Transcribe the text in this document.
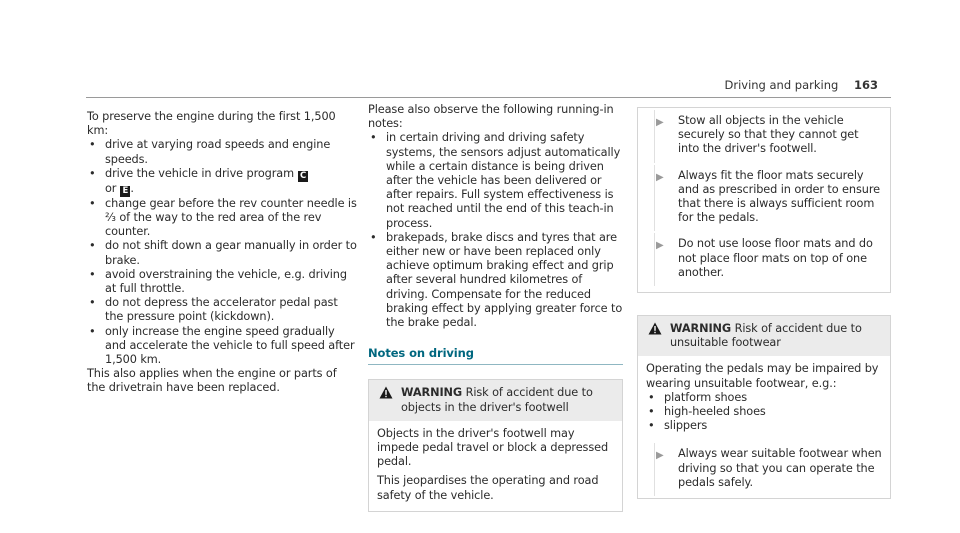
Driving and parking 163

To preserve the engine during the first 1,500 km:

• drive at varying road speeds and engine speeds.
• drive the vehicle in drive program C
or E .
• change gear before the rev counter needle is ⅔ of the way to the red area of the rev counter.
• do not shift down a gear manually in order to brake.
• avoid overstraining the vehicle, e.g. driving at full throttle.
• do not depress the accelerator pedal past the pressure point (kickdown).
• only increase the engine speed gradually and accelerate the vehicle to full speed after 1,500 km.

This also applies when the engine or parts of the drivetrain have been replaced.

Please also observe the following running-in notes:

• in certain driving and driving safety systems, the sensors adjust automatically while a certain distance is being driven after the vehicle has been delivered or after repairs. Full system effectiveness is not reached until the end of this teach-in process.
• brakepads, brake discs and tyres that are either new or have been replaced only achieve optimum braking effect and grip after several hundred kilometres of driving. Compensate for the reduced braking effect by applying greater force to the brake pedal.
Notes on driving
WARNING Risk of accident due to objects in the driver's footwell

Objects in the driver's footwell may impede pedal travel or block a depressed pedal.

This jeopardises the operating and road safety of the vehicle.

▶ Stow all objects in the vehicle securely so that they cannot get into the driver's footwell.
▶ Always fit the floor mats securely and as prescribed in order to ensure that there is always sufficient room for the pedals.
▶ Do not use loose floor mats and do not place floor mats on top of one another.
WARNING Risk of accident due to unsuitable footwear

Operating the pedals may be impaired by wearing unsuitable footwear, e.g.:

• platform shoes
• high-heeled shoes
• slippers
▶ Always wear suitable footwear when driving so that you can operate the pedals safely.
